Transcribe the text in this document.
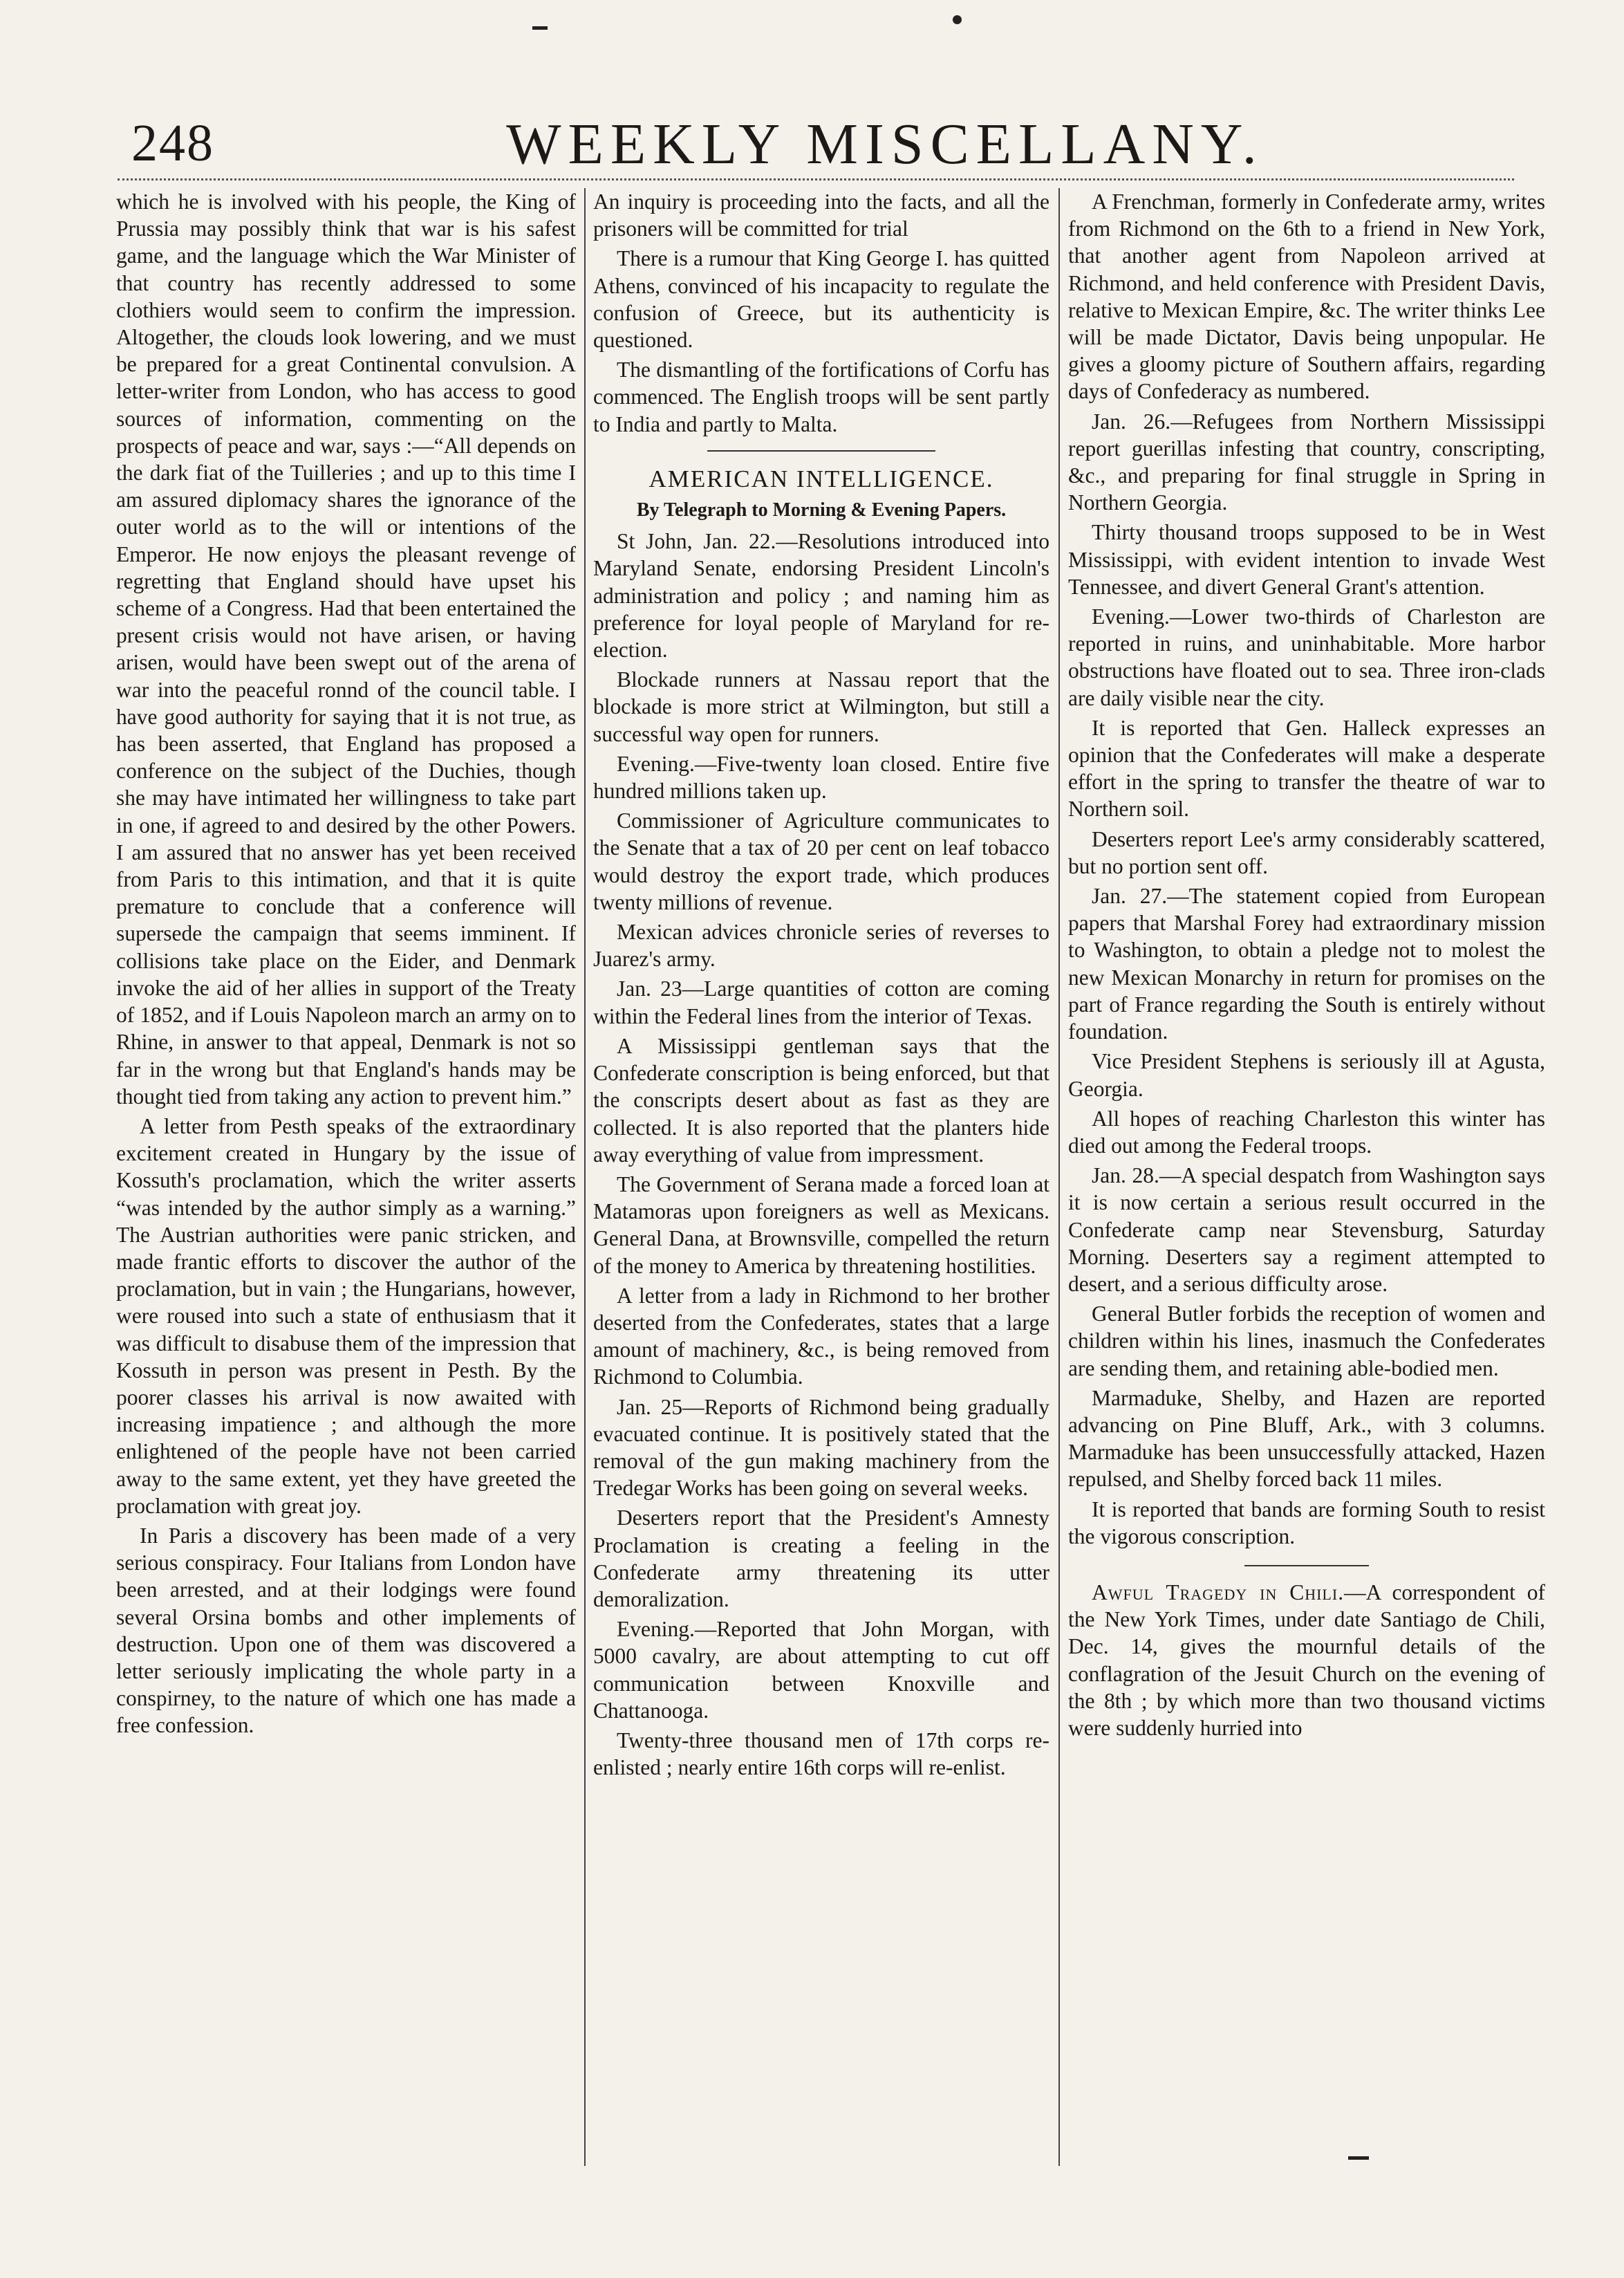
248	WEEKLY MISCELLANY.

which he is involved with his people, the King of Prussia may possibly think that war is his safest game, and the language which the War Minister of that country has recently addressed to some clothiers would seem to confirm the impression. Altogether, the clouds look lowering, and we must be prepared for a great Continental convulsion. A letter-writer from London, who has access to good sources of information, commenting on the prospects of peace and war, says :—“All depends on the dark fiat of the Tuilleries ; and up to this time I am assured diplomacy shares the ignorance of the outer world as to the will or intentions of the Emperor. He now enjoys the pleasant revenge of regretting that England should have upset his scheme of a Congress. Had that been entertained the present crisis would not have arisen, or having arisen, would have been swept out of the arena of war into the peaceful ronnd of the council table. I have good authority for saying that it is not true, as has been asserted, that England has proposed a conference on the subject of the Duchies, though she may have intimated her willingness to take part in one, if agreed to and desired by the other Powers. I am assured that no answer has yet been received from Paris to this intimation, and that it is quite premature to conclude that a conference will supersede the campaign that seems imminent. If collisions take place on the Eider, and Denmark invoke the aid of her allies in support of the Treaty of 1852, and if Louis Napoleon march an army on to Rhine, in answer to that appeal, Denmark is not so far in the wrong but that England's hands may be thought tied from taking any action to prevent him.”

A letter from Pesth speaks of the extraordinary excitement created in Hungary by the issue of Kossuth's proclamation, which the writer asserts “was intended by the author simply as a warning.” The Austrian authorities were panic stricken, and made frantic efforts to discover the author of the proclamation, but in vain ; the Hungarians, however, were roused into such a state of enthusiasm that it was difficult to disabuse them of the impression that Kossuth in person was present in Pesth. By the poorer classes his arrival is now awaited with increasing impatience ; and although the more enlightened of the people have not been carried away to the same extent, yet they have greeted the proclamation with great joy.

In Paris a discovery has been made of a very serious conspiracy. Four Italians from London have been arrested, and at their lodgings were found several Orsina bombs and other implements of destruction. Upon one of them was discovered a letter seriously implicating the whole party in a conspirney, to the nature of which one has made a free confession.

An inquiry is proceeding into the facts, and all the prisoners will be committed for trial

There is a rumour that King George I. has quitted Athens, convinced of his incapacity to regulate the confusion of Greece, but its authenticity is questioned.

The dismantling of the fortifications of Corfu has commenced. The English troops will be sent partly to India and partly to Malta.

AMERICAN INTELLIGENCE.
By Telegraph to Morning & Evening Papers.

St John, Jan. 22.—Resolutions introduced into Maryland Senate, endorsing President Lincoln's administration and policy ; and naming him as preference for loyal people of Maryland for re-election.

Blockade runners at Nassau report that the blockade is more strict at Wilmington, but still a successful way open for runners.

Evening.—Five-twenty loan closed. Entire five hundred millions taken up.

Commissioner of Agriculture communicates to the Senate that a tax of 20 per cent on leaf tobacco would destroy the export trade, which produces twenty millions of revenue.

Mexican advices chronicle series of reverses to Juarez's army.

Jan. 23—Large quantities of cotton are coming within the Federal lines from the interior of Texas.

A Mississippi gentleman says that the Confederate conscription is being enforced, but that the conscripts desert about as fast as they are collected. It is also reported that the planters hide away everything of value from impressment.

The Government of Serana made a forced loan at Matamoras upon foreigners as well as Mexicans. General Dana, at Brownsville, compelled the return of the money to America by threatening hostilities.

A letter from a lady in Richmond to her brother deserted from the Confederates, states that a large amount of machinery, &c., is being removed from Richmond to Columbia.

Jan. 25—Reports of Richmond being gradually evacuated continue. It is positively stated that the removal of the gun making machinery from the Tredegar Works has been going on several weeks.

Deserters report that the President's Amnesty Proclamation is creating a feeling in the Confederate army threatening its utter demoralization.

Evening.—Reported that John Morgan, with 5000 cavalry, are about attempting to cut off communication between Knoxville and Chattanooga.

Twenty-three thousand men of 17th corps re-enlisted ; nearly entire 16th corps will re-enlist.

A Frenchman, formerly in Confederate army, writes from Richmond on the 6th to a friend in New York, that another agent from Napoleon arrived at Richmond, and held conference with President Davis, relative to Mexican Empire, &c. The writer thinks Lee will be made Dictator, Davis being unpopular. He gives a gloomy picture of Southern affairs, regarding days of Confederacy as numbered.

Jan. 26.—Refugees from Northern Mississippi report guerillas infesting that country, conscripting, &c., and preparing for final struggle in Spring in Northern Georgia.

Thirty thousand troops supposed to be in West Mississippi, with evident intention to invade West Tennessee, and divert General Grant's attention.

Evening.—Lower two-thirds of Charleston are reported in ruins, and uninhabitable. More harbor obstructions have floated out to sea. Three iron-clads are daily visible near the city.

It is reported that Gen. Halleck expresses an opinion that the Confederates will make a desperate effort in the spring to transfer the theatre of war to Northern soil.

Deserters report Lee's army considerably scattered, but no portion sent off.

Jan. 27.—The statement copied from European papers that Marshal Forey had extraordinary mission to Washington, to obtain a pledge not to molest the new Mexican Monarchy in return for promises on the part of France regarding the South is entirely without foundation.

Vice President Stephens is seriously ill at Agusta, Georgia.

All hopes of reaching Charleston this winter has died out among the Federal troops.

Jan. 28.—A special despatch from Washington says it is now certain a serious result occurred in the Confederate camp near Stevensburg, Saturday Morning. Deserters say a regiment attempted to desert, and a serious difficulty arose.

General Butler forbids the reception of women and children within his lines, inasmuch the Confederates are sending them, and retaining able-bodied men.

Marmaduke, Shelby, and Hazen are reported advancing on Pine Bluff, Ark., with 3 columns. Marmaduke has been unsuccessfully attacked, Hazen repulsed, and Shelby forced back 11 miles.

It is reported that bands are forming South to resist the vigorous conscription.

Awful Tragedy in Chili.—A correspondent of the New York Times, under date Santiago de Chili, Dec. 14, gives the mournful details of the conflagration of the Jesuit Church on the evening of the 8th ; by which more than two thousand victims were suddenly hurried into
